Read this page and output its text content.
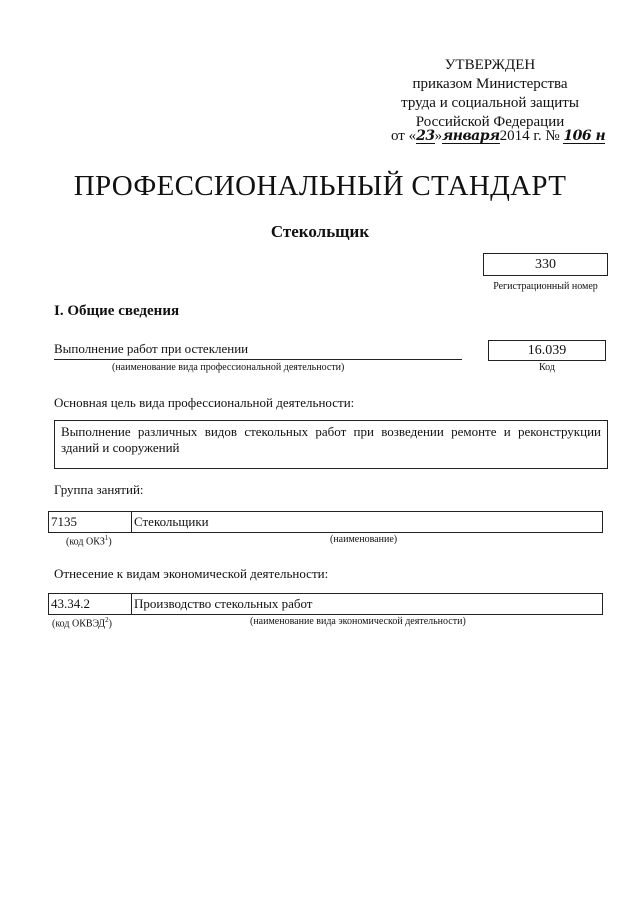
УТВЕРЖДЕН
приказом Министерства
труда и социальной защиты
Российской Федерации
от «23»января2014 г. № 106 н
ПРОФЕССИОНАЛЬНЫЙ СТАНДАРТ
Стекольщик
330
Регистрационный номер
I. Общие сведения
Выполнение работ при остеклении
(наименование вида профессиональной деятельности)
16.039
Код
Основная цель вида профессиональной деятельности:
Выполнение различных видов стекольных работ при возведении ремонте и реконструкции зданий и сооружений
Группа занятий:
7135	Стекольщики
(код ОКЗ$^1$)	(наименование)
Отнесение к видам экономической деятельности:
43.34.2	Производство стекольных работ
(код ОКВЭД$^2$)	(наименование вида экономической деятельности)
